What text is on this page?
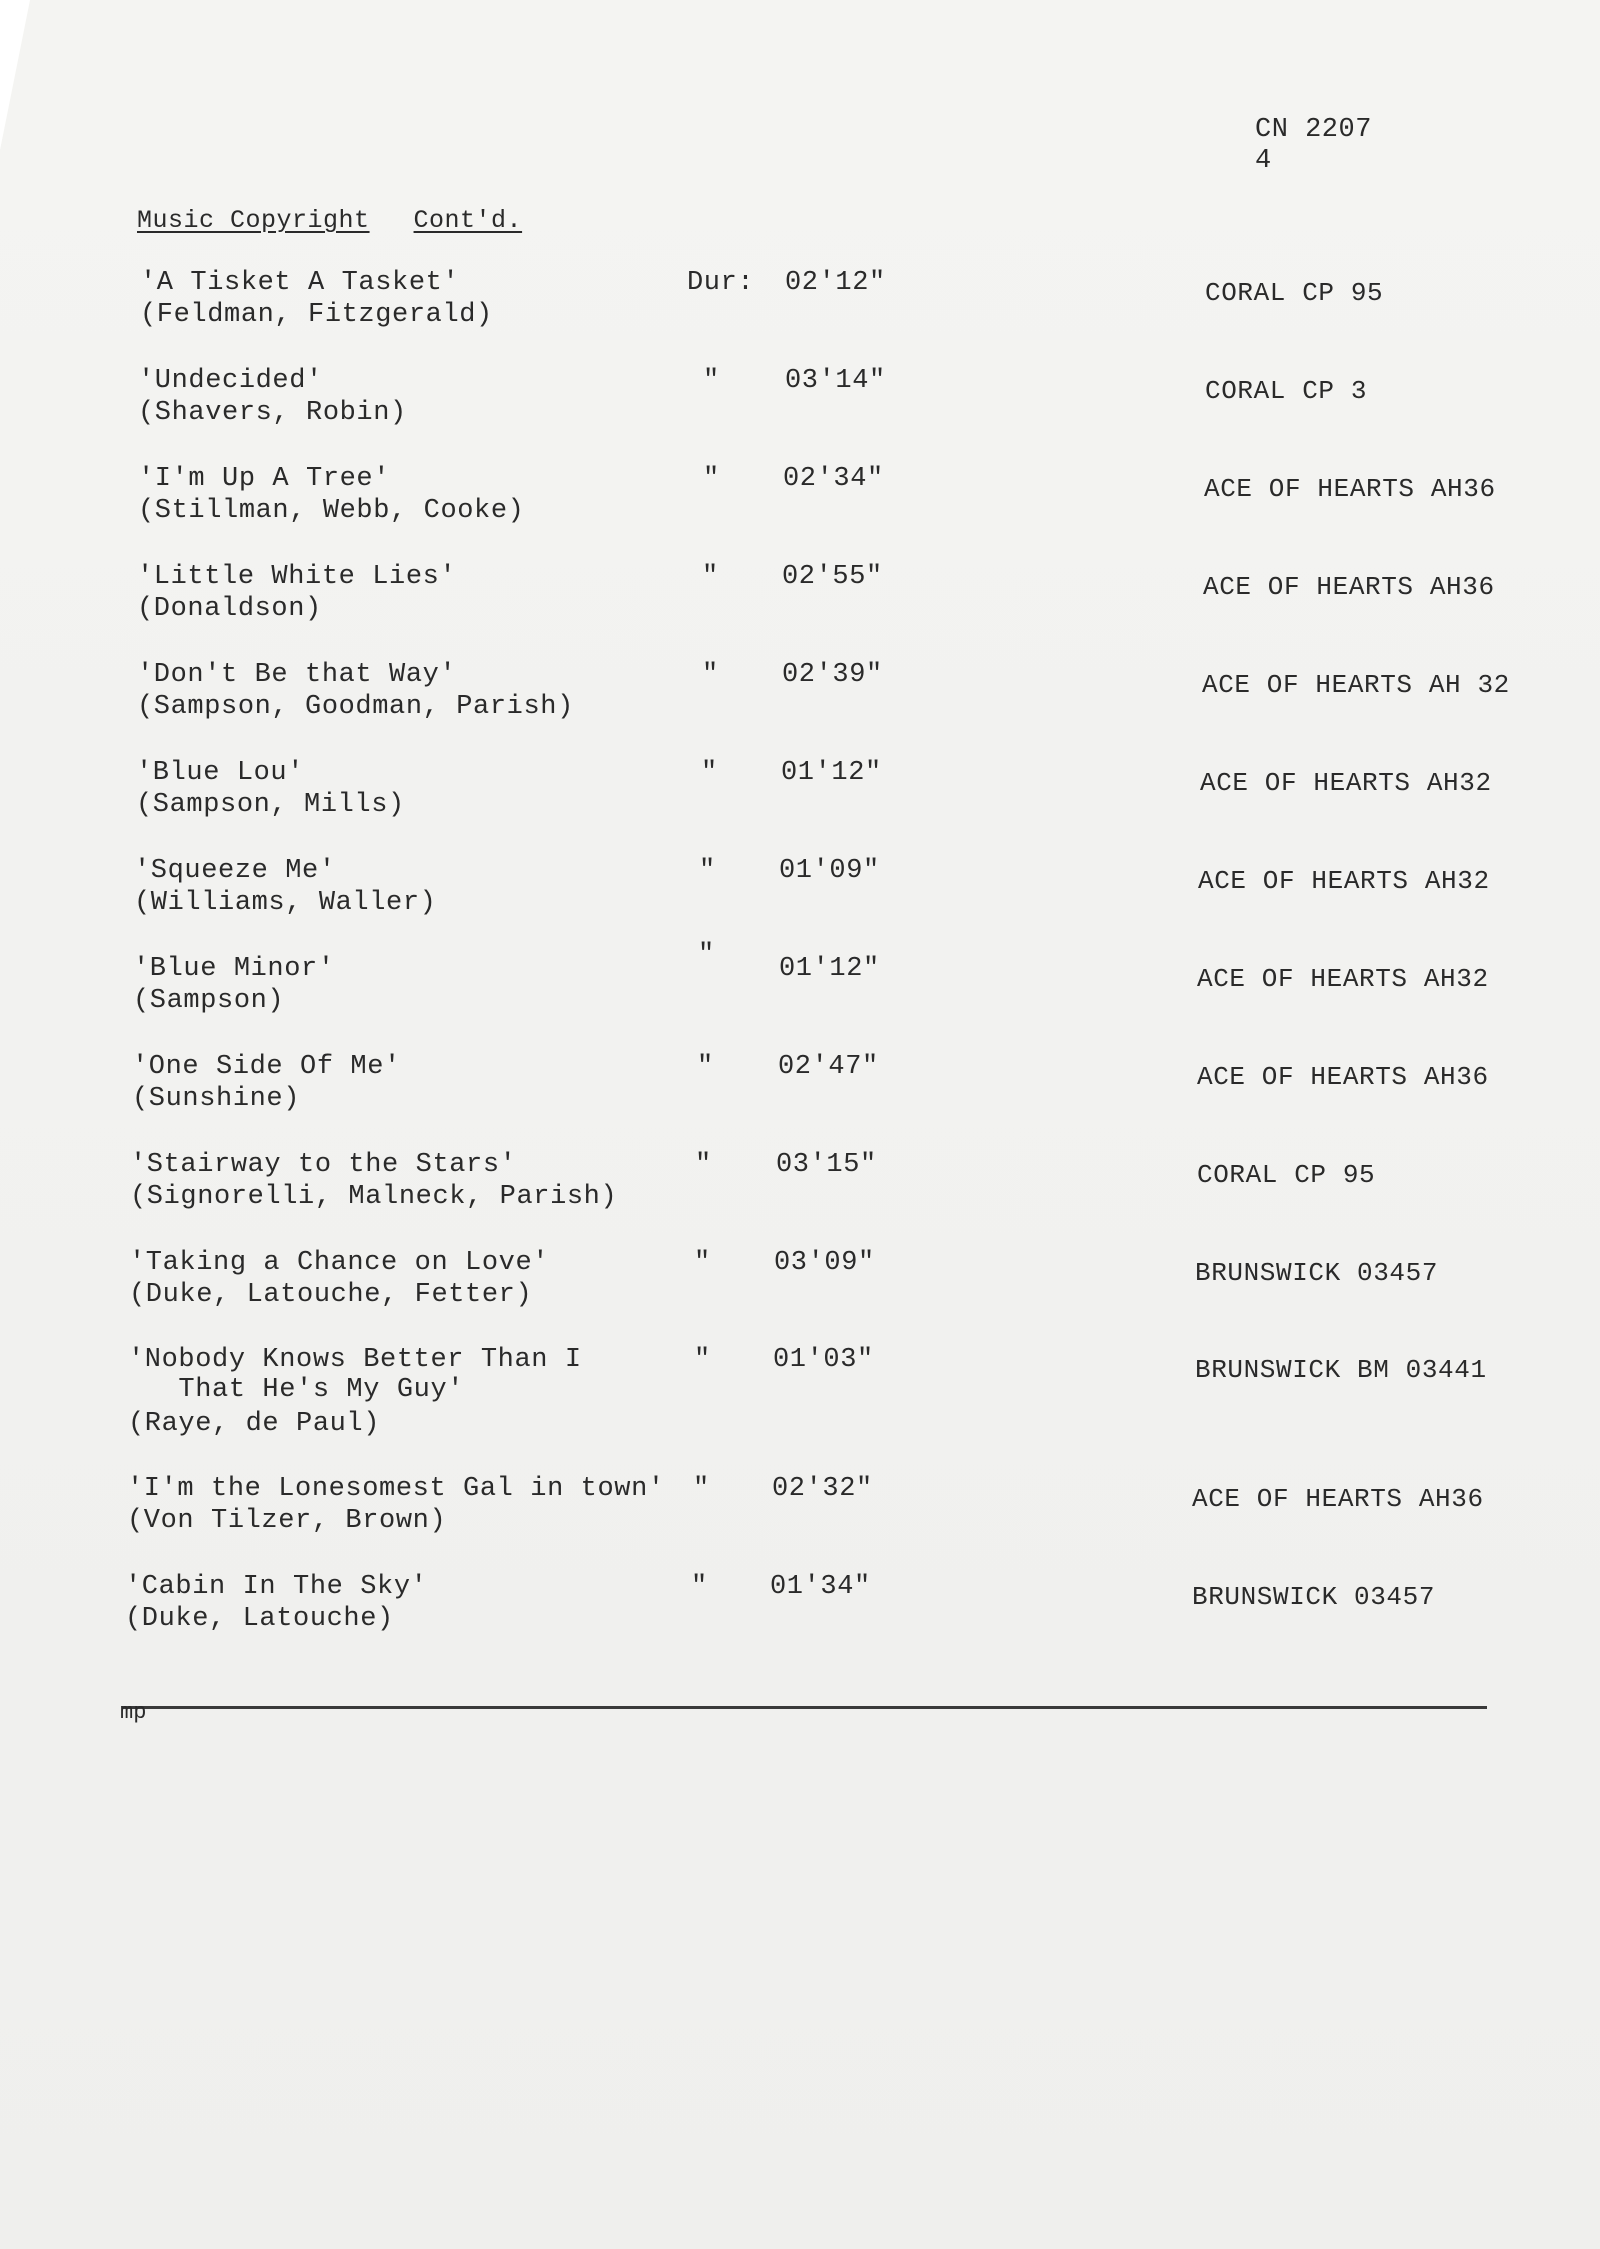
CN 2207
4
Music Copyright Cont'd.
'A Tisket A Tasket'
(Feldman, Fitzgerald)
Dur: 02'12"	CORAL CP 95
'Undecided'
(Shavers, Robin)
" 03'14"	CORAL CP 3
'I'm Up A Tree'
(Stillman, Webb, Cooke)
" 02'34"	ACE OF HEARTS AH36
'Little White Lies'
(Donaldson)
" 02'55"	ACE OF HEARTS AH36
'Don't Be that Way'
(Sampson, Goodman, Parish)
" 02'39"	ACE OF HEARTS AH 32
'Blue Lou'
(Sampson, Mills)
" 01'12"	ACE OF HEARTS AH32
'Squeeze Me'
(Williams, Waller)
" 01'09"	ACE OF HEARTS AH32
'Blue Minor'
(Sampson)
" 01'12"	ACE OF HEARTS AH32
'One Side Of Me'
(Sunshine)
" 02'47"	ACE OF HEARTS AH36
'Stairway to the Stars'
(Signorelli, Malneck, Parish)
" 03'15"	CORAL CP 95
'Taking a Chance on Love'
(Duke, Latouche, Fetter)
" 03'09"	BRUNSWICK 03457
'Nobody Knows Better Than I
That He's My Guy'
(Raye, de Paul)
" 01'03"	BRUNSWICK BM 03441
'I'm the Lonesomest Gal in town'
(Von Tilzer, Brown)
" 02'32"	ACE OF HEARTS AH36
'Cabin In The Sky'
(Duke, Latouche)
" 01'34"	BRUNSWICK 03457
mp
